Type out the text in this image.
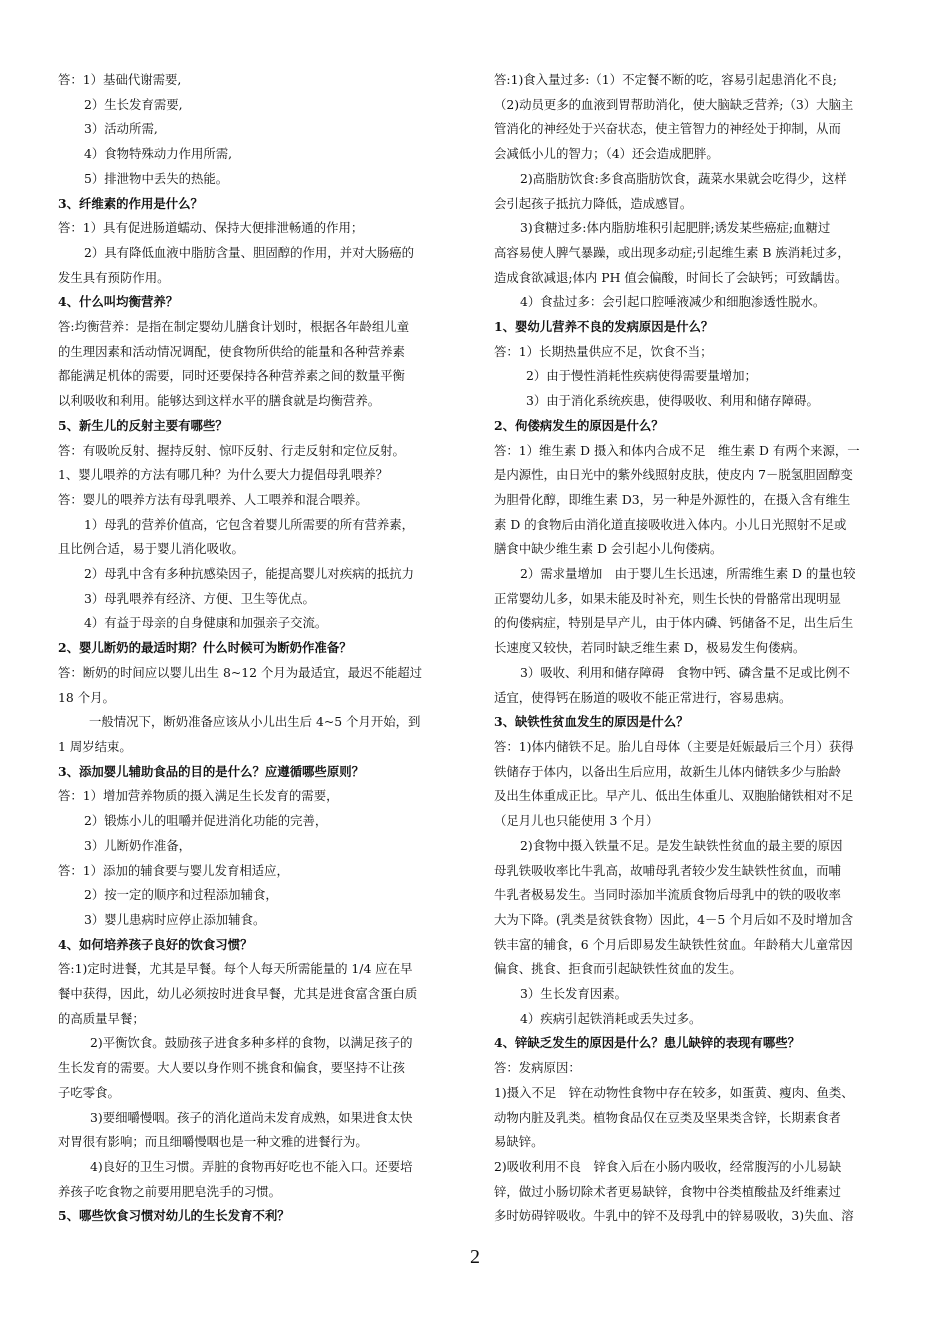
答：1）基础代谢需要,

2）生长发育需要,

3）活动所需,

4）食物特殊动力作用所需,

5）排泄物中丢失的热能。

3、纤维素的作用是什么？

答：1）具有促进肠道蠕动、保持大便排泄畅通的作用；

2）具有降低血液中脂肪含量、胆固醇的作用，并对大肠癌的

发生具有预防作用。

4、什么叫均衡营养？

答:均衡营养：是指在制定婴幼儿膳食计划时，根据各年龄组儿童

的生理因素和活动情况调配，使食物所供给的能量和各种营养素

都能满足机体的需要，同时还要保持各种营养素之间的数量平衡

以利吸收和利用。能够达到这样水平的膳食就是均衡营养。

5、新生儿的反射主要有哪些？

答：有吸吮反射、握持反射、惊吓反射、行走反射和定位反射。

1、婴儿喂养的方法有哪几种？为什么要大力提倡母乳喂养？

答：婴儿的喂养方法有母乳喂养、人工喂养和混合喂养。

1）母乳的营养价值高，它包含着婴儿所需要的所有营养素，

且比例合适，易于婴儿消化吸收。

2）母乳中含有多种抗感染因子，能提高婴儿对疾病的抵抗力

3）母乳喂养有经济、方便、卫生等优点。

4）有益于母亲的自身健康和加强亲子交流。

2、婴儿断奶的最适时期？什么时候可为断奶作准备？

答：断奶的时间应以婴儿出生 8~12 个月为最适宜，最迟不能超过

18 个月。

一般情况下，断奶准备应该从小儿出生后 4~5 个月开始，到

1 周岁结束。

3、添加婴儿辅助食品的目的是什么？应遵循哪些原则？

答：1）增加营养物质的摄入满足生长发育的需要，

2）锻炼小儿的咀嚼并促进消化功能的完善，

3）儿断奶作准备，

答：1）添加的辅食要与婴儿发育相适应，

2）按一定的顺序和过程添加辅食，

3）婴儿患病时应停止添加辅食。

4、如何培养孩子良好的饮食习惯？

答:1)定时进餐，尤其是早餐。每个人每天所需能量的 1/4 应在早

餐中获得，因此，幼儿必须按时进食早餐，尤其是进食富含蛋白质

的高质量早餐；

2)平衡饮食。鼓励孩子进食多种多样的食物，以满足孩子的

生长发育的需要。大人要以身作则不挑食和偏食，要坚持不让孩

子吃零食。

3)要细嚼慢咽。孩子的消化道尚未发育成熟，如果进食太快

对胃很有影响；而且细嚼慢咽也是一种文雅的进餐行为。

4)良好的卫生习惯。弄脏的食物再好吃也不能入口。还要培

养孩子吃食物之前要用肥皂洗手的习惯。

5、哪些饮食习惯对幼儿的生长发育不利？

答:1)食入量过多:（1）不定餐不断的吃，容易引起患消化不良;

（2)动员更多的血液到胃帮助消化，使大脑缺乏营养;（3）大脑主

管消化的神经处于兴奋状态，使主管智力的神经处于抑制，从而

会减低小儿的智力；（4）还会造成肥胖。

2)高脂肪饮食:多食高脂肪饮食，蔬菜水果就会吃得少，这样

会引起孩子抵抗力降低，造成感冒。

3)食糖过多:体内脂肪堆积引起肥胖;诱发某些癌症;血糖过

高容易使人脾气暴躁，或出现多动症;引起维生素 B 族消耗过多，

造成食欲减退;体内 PH 值会偏酸，时间长了会缺钙；可致龋齿。

4）食盐过多：会引起口腔唾液减少和细胞渗透性脱水。

1、婴幼儿营养不良的发病原因是什么？

答：1）长期热量供应不足，饮食不当；

2）由于慢性消耗性疾病使得需要量增加；

3）由于消化系统疾患，使得吸收、利用和储存障碍。

2、佝偻病发生的原因是什么？

答：1）维生素 D 摄入和体内合成不足　维生素 D 有两个来源，一

是内源性，由日光中的紫外线照射皮肤，使皮内 7－脱氢胆固醇变

为胆骨化醇，即维生素 D3，另一种是外源性的，在摄入含有维生

素 D 的食物后由消化道直接吸收进入体内。小儿日光照射不足或

膳食中缺少维生素 D 会引起小儿佝偻病。

2）需求量增加　由于婴儿生长迅速，所需维生素 D 的量也较

正常婴幼儿多，如果未能及时补充，则生长快的骨骼常出现明显

的佝偻病症，特别是早产儿，由于体内磷、钙储备不足，出生后生

长速度又较快，若同时缺乏维生素 D，极易发生佝偻病。

3）吸收、利用和储存障碍　食物中钙、磷含量不足或比例不

适宜，使得钙在肠道的吸收不能正常进行，容易患病。

3、缺铁性贫血发生的原因是什么？

答：1)体内储铁不足。胎儿自母体（主要是妊娠最后三个月）获得

铁储存于体内，以备出生后应用，故新生儿体内储铁多少与胎龄

及出生体重成正比。早产儿、低出生体重儿、双胞胎储铁相对不足

（足月儿也只能使用 3 个月）

2)食物中摄入铁量不足。是发生缺铁性贫血的最主要的原因

母乳铁吸收率比牛乳高，故哺母乳者较少发生缺铁性贫血，而哺

牛乳者极易发生。当同时添加半流质食物后母乳中的铁的吸收率

大为下降。(乳类是贫铁食物）因此，4－5 个月后如不及时增加含

铁丰富的辅食，6 个月后即易发生缺铁性贫血。年龄稍大儿童常因

偏食、挑食、拒食而引起缺铁性贫血的发生。

3）生长发育因素。

4）疾病引起铁消耗或丢失过多。

4、锌缺乏发生的原因是什么？患儿缺锌的表现有哪些？

答：发病原因：

1)摄入不足　锌在动物性食物中存在较多，如蛋黄、瘦肉、鱼类、

动物内脏及乳类。植物食品仅在豆类及坚果类含锌，长期素食者

易缺锌。

2)吸收利用不良　锌食入后在小肠内吸收，经常腹泻的小儿易缺

锌，做过小肠切除术者更易缺锌，食物中谷类植酸盐及纤维素过

多时妨碍锌吸收。牛乳中的锌不及母乳中的锌易吸收，3)失血、溶

2
